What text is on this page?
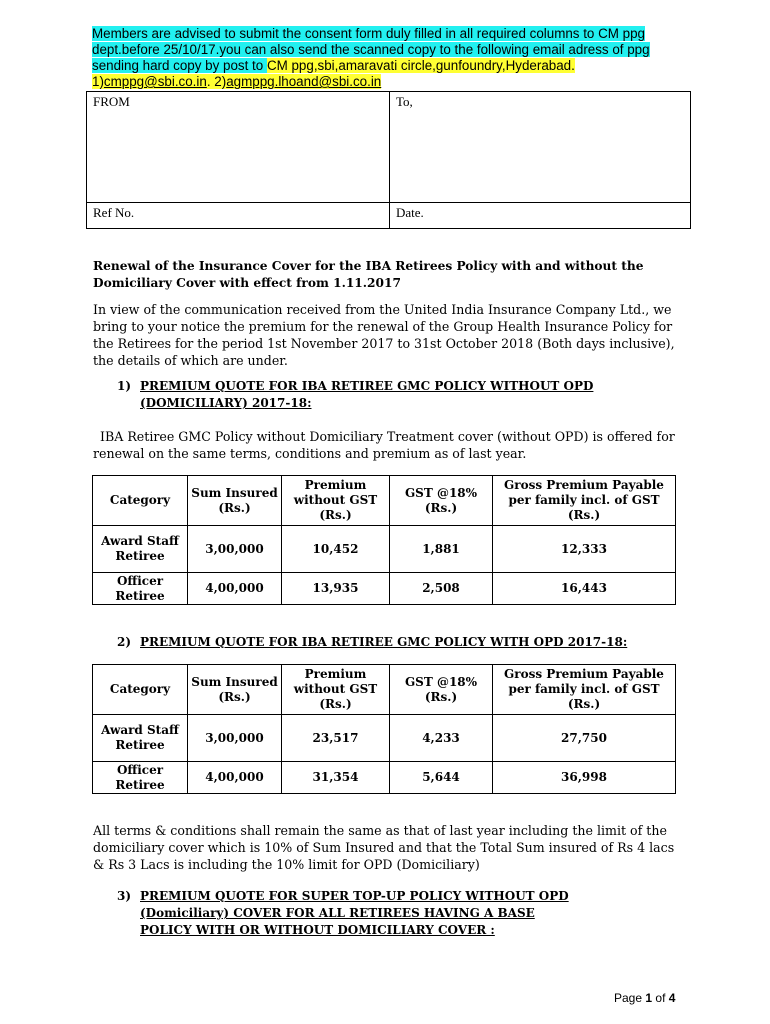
Members are advised to submit the consent form duly filled in all required columns to CM ppg dept.before 25/10/17.you can also send the scanned copy to the following email adress of ppg sending hard copy by post to CM ppg,sbi,amaravati circle,gunfoundry,Hyderabad. 1)cmppg@sbi.co.in. 2)agmppg.lhoand@sbi.co.in
FROM	To,
Ref No.	Date.
Renewal of the Insurance Cover for the IBA Retirees Policy with and without the Domiciliary Cover with effect from 1.11.2017
In view of the communication received from the United India Insurance Company Ltd., we bring to your notice the premium for the renewal of the Group Health Insurance Policy for the Retirees for the period 1st November 2017 to 31st October 2018 (Both days inclusive), the details of which are under.
1) PREMIUM QUOTE FOR IBA RETIREE GMC POLICY WITHOUT OPD (DOMICILIARY) 2017-18:
IBA Retiree GMC Policy without Domiciliary Treatment cover (without OPD) is offered for renewal on the same terms, conditions and premium as of last year.
Category	Sum Insured (Rs.)	Premium without GST (Rs.)	GST @18% (Rs.)	Gross Premium Payable per family incl. of GST (Rs.)
Award Staff Retiree	3,00,000	10,452	1,881	12,333
Officer Retiree	4,00,000	13,935	2,508	16,443
2) PREMIUM QUOTE FOR IBA RETIREE GMC POLICY WITH OPD 2017-18:
Category	Sum Insured (Rs.)	Premium without GST (Rs.)	GST @18% (Rs.)	Gross Premium Payable per family incl. of GST (Rs.)
Award Staff Retiree	3,00,000	23,517	4,233	27,750
Officer Retiree	4,00,000	31,354	5,644	36,998
All terms & conditions shall remain the same as that of last year including the limit of the domiciliary cover which is 10% of Sum Insured and that the Total Sum insured of Rs 4 lacs & Rs 3 Lacs is including the 10% limit for OPD (Domiciliary)
3) PREMIUM QUOTE FOR SUPER TOP-UP POLICY WITHOUT OPD (Domiciliary) COVER FOR ALL RETIREES HAVING A BASE POLICY WITH OR WITHOUT DOMICILIARY COVER :
Page 1 of 4
